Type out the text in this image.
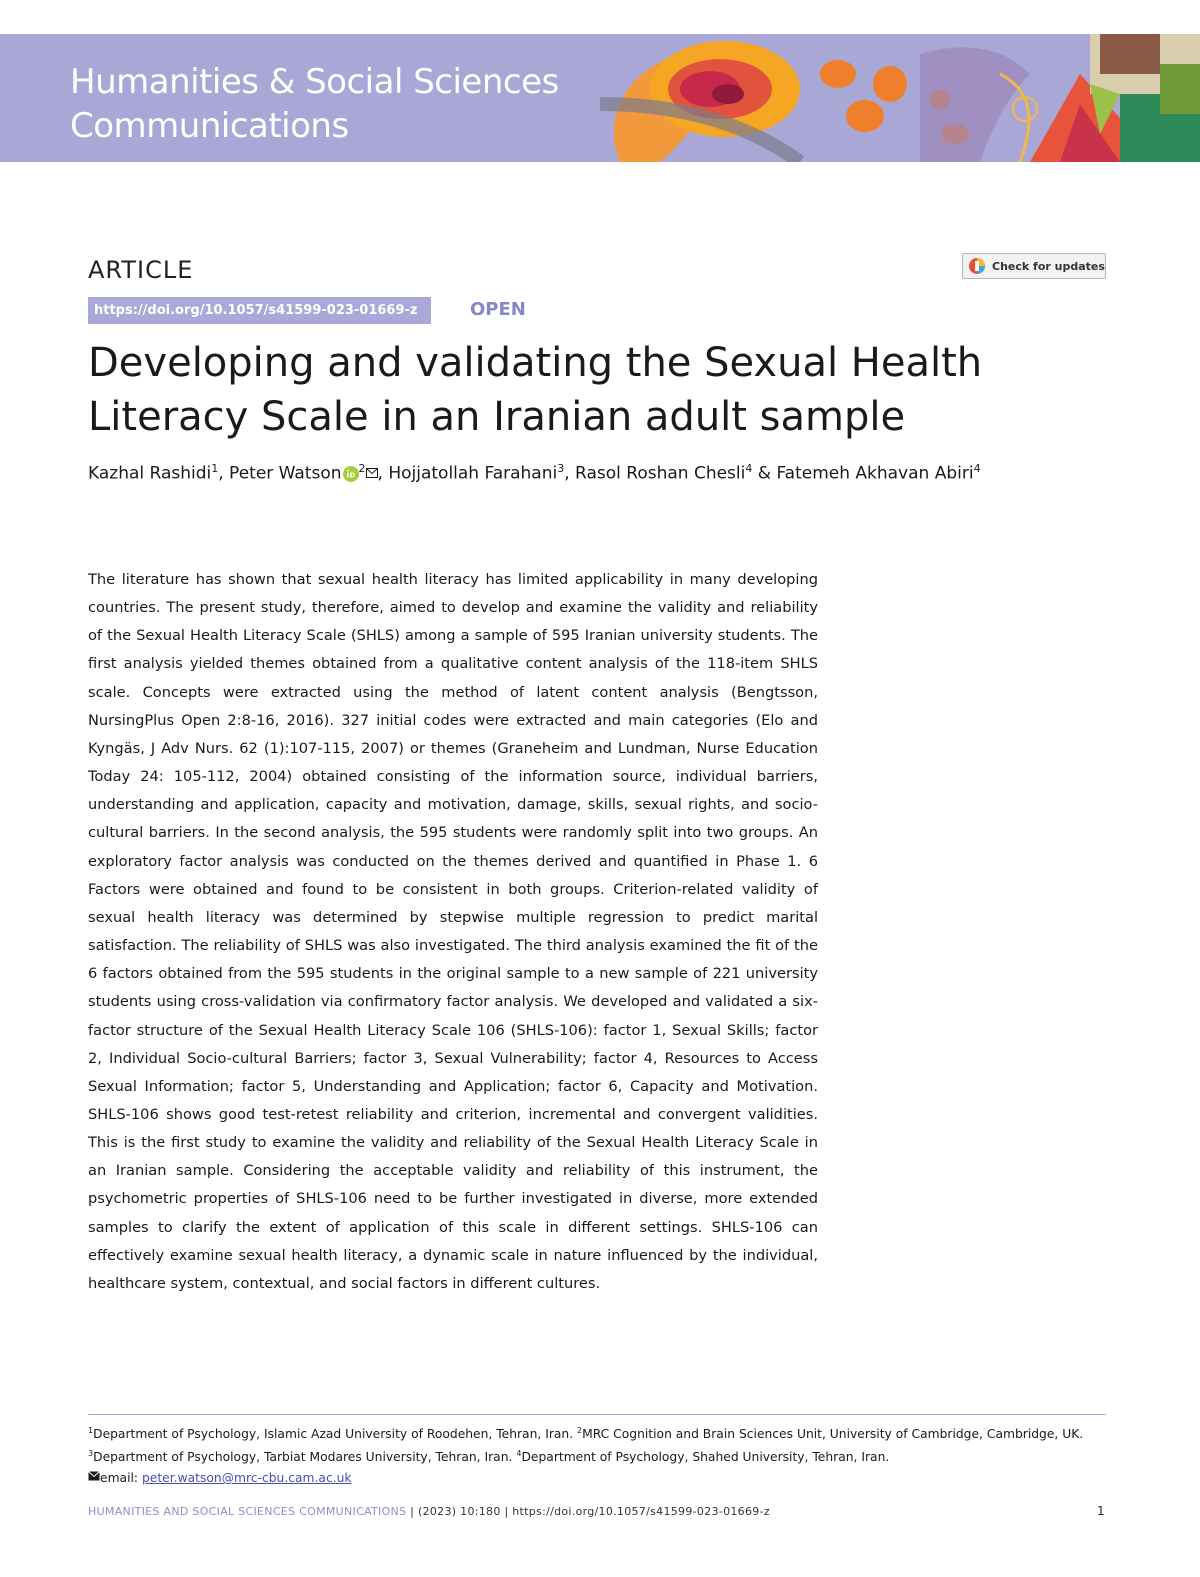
Humanities & Social Sciences
Communications
ARTICLE
https://doi.org/10.1057/s41599-023-01669-z	OPEN
Check for updates
Developing and validating the Sexual Health Literacy Scale in an Iranian adult sample
Kazhal Rashidi$^1$, Peter Watson $^2$ , Hojjatollah Farahani$^3$, Rasol Roshan Chesli$^4$ & Fatemeh Akhavan Abiri$^4$

The literature has shown that sexual health literacy has limited applicability in many developing countries. The present study, therefore, aimed to develop and examine the validity and reliability of the Sexual Health Literacy Scale (SHLS) among a sample of 595 Iranian university students. The first analysis yielded themes obtained from a qualitative content analysis of the 118-item SHLS scale. Concepts were extracted using the method of latent content analysis (Bengtsson, NursingPlus Open 2:8-16, 2016). 327 initial codes were extracted and main categories (Elo and Kyngäs, J Adv Nurs. 62 (1):107-115, 2007) or themes (Graneheim and Lundman, Nurse Education Today 24: 105-112, 2004) obtained consisting of the information source, individual barriers, understanding and application, capacity and motivation, damage, skills, sexual rights, and socio-cultural barriers. In the second analysis, the 595 students were randomly split into two groups. An exploratory factor analysis was conducted on the themes derived and quantified in Phase 1. 6 Factors were obtained and found to be consistent in both groups. Criterion-related validity of sexual health literacy was determined by stepwise multiple regression to predict marital satisfaction. The reliability of SHLS was also investigated. The third analysis examined the fit of the 6 factors obtained from the 595 students in the original sample to a new sample of 221 university students using cross-validation via confirmatory factor analysis. We developed and validated a six-factor structure of the Sexual Health Literacy Scale 106 (SHLS-106): factor 1, Sexual Skills; factor 2, Individual Socio-cultural Barriers; factor 3, Sexual Vulnerability; factor 4, Resources to Access Sexual Information; factor 5, Understanding and Application; factor 6, Capacity and Motivation. SHLS-106 shows good test-retest reliability and criterion, incremental and convergent validities. This is the first study to examine the validity and reliability of the Sexual Health Literacy Scale in an Iranian sample. Considering the acceptable validity and reliability of this instrument, the psychometric properties of SHLS-106 need to be further investigated in diverse, more extended samples to clarify the extent of application of this scale in different settings. SHLS-106 can effectively examine sexual health literacy, a dynamic scale in nature influenced by the individual, healthcare system, contextual, and social factors in different cultures.

$^1$Department of Psychology, Islamic Azad University of Roodehen, Tehran, Iran. $^2$MRC Cognition and Brain Sciences Unit, University of Cambridge, Cambridge, UK. $^3$Department of Psychology, Tarbiat Modares University, Tehran, Iran. $^4$Department of Psychology, Shahed University, Tehran, Iran.
email: peter.watson@mrc-cbu.cam.ac.uk

HUMANITIES AND SOCIAL SCIENCES COMMUNICATIONS | (2023) 10:180 | https://doi.org/10.1057/s41599-023-01669-z	1
